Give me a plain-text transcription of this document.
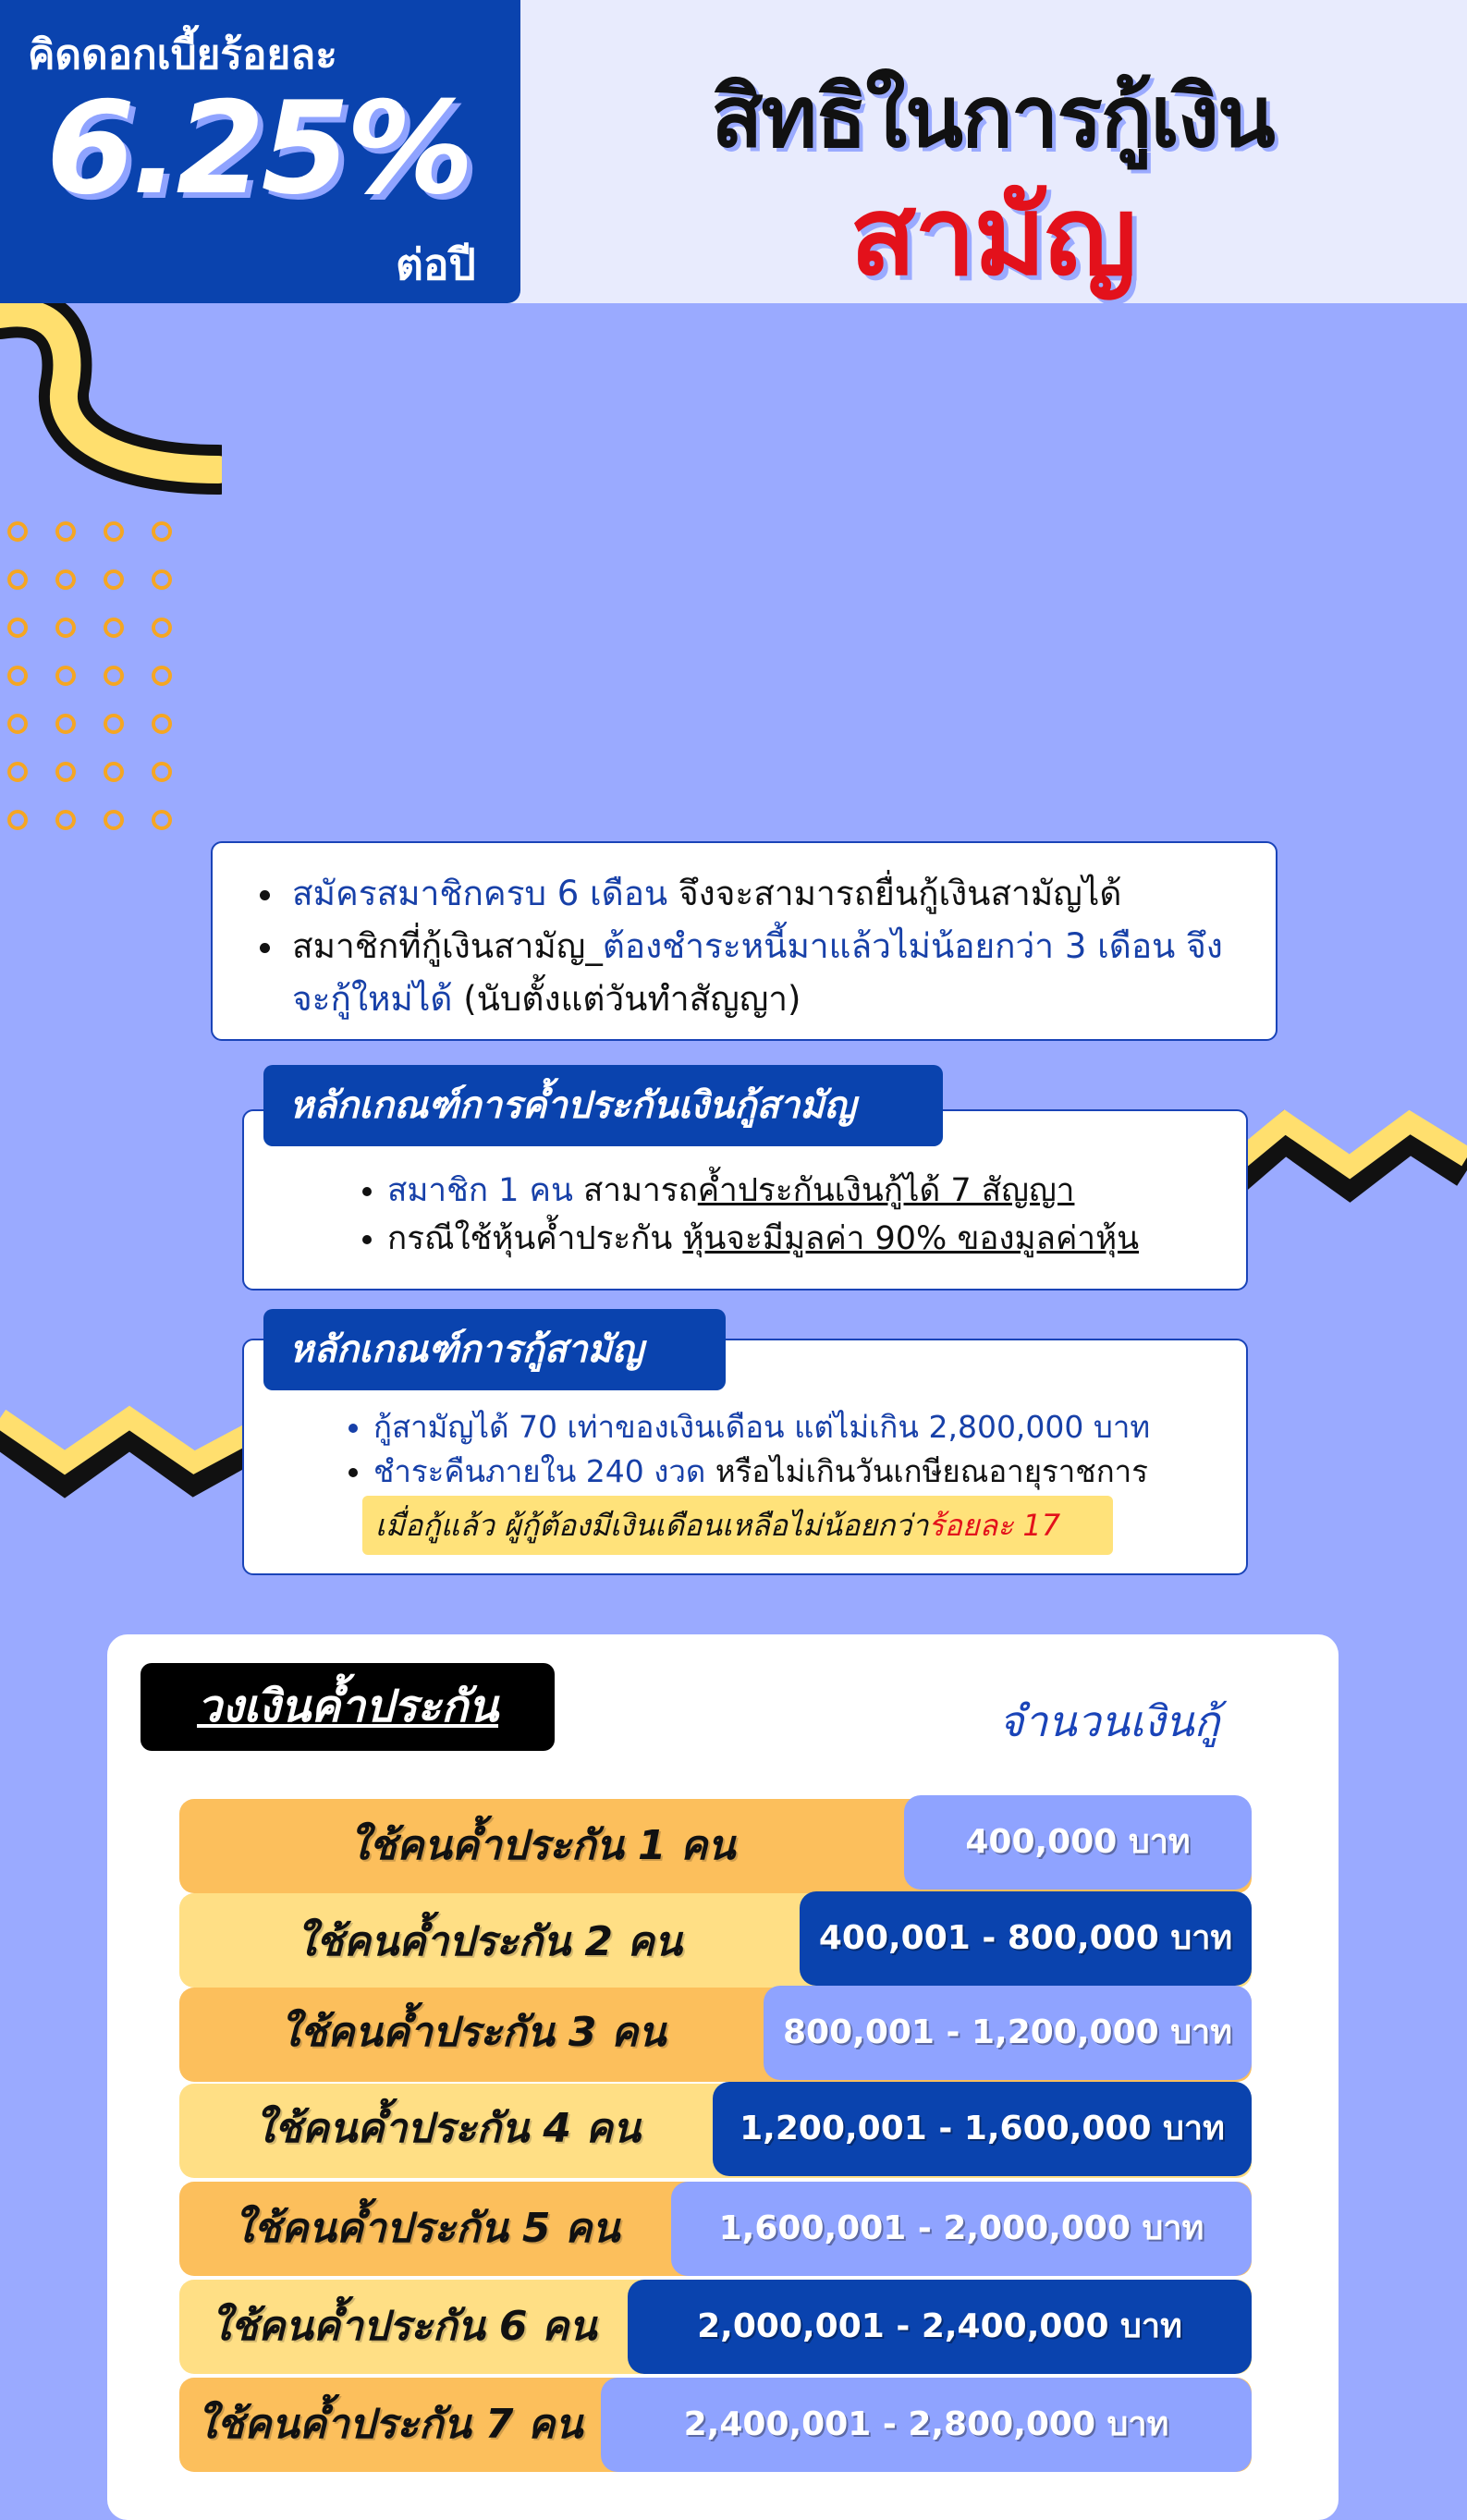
คิดดอกเบี้ยร้อยละ
6.25%
ต่อปี
สิทธิในการกู้เงิน
สามัญ
• สมัครสมาชิกครบ 6 เดือน จึงจะสามารถยื่นกู้เงินสามัญได้
• สมาชิกที่กู้เงินสามัญ_ต้องชำระหนี้มาแล้วไม่น้อยกว่า 3 เดือน จึงจะกู้ใหม่ได้ (นับตั้งแต่วันทำสัญญา)
• สมาชิก 1 คน สามารถค้ำประกันเงินกู้ได้ 7 สัญญา
• กรณีใช้หุ้นค้ำประกัน หุ้นจะมีมูลค่า 90% ของมูลค่าหุ้น
หลักเกณฑ์การค้ำประกันเงินกู้สามัญ
• กู้สามัญได้ 70 เท่าของเงินเดือน แต่ไม่เกิน 2,800,000 บาท
• ชำระคืนภายใน 240 งวด หรือไม่เกินวันเกษียณอายุราชการ
หลักเกณฑ์การกู้สามัญ
เมื่อกู้แล้ว ผู้กู้ต้องมีเงินเดือนเหลือไม่น้อยกว่าร้อยละ 17
วงเงินค้ำประกัน	จำนวนเงินกู้
ใช้คนค้ำประกัน 1 คน	400,000 บาท
ใช้คนค้ำประกัน 2 คน	400,001 - 800,000 บาท
ใช้คนค้ำประกัน 3 คน	800,001 - 1,200,000 บาท
ใช้คนค้ำประกัน 4 คน	1,200,001 - 1,600,000 บาท
ใช้คนค้ำประกัน 5 คน	1,600,001 - 2,000,000 บาท
ใช้คนค้ำประกัน 6 คน	2,000,001 - 2,400,000 บาท
ใช้คนค้ำประกัน 7 คน	2,400,001 - 2,800,000 บาท
